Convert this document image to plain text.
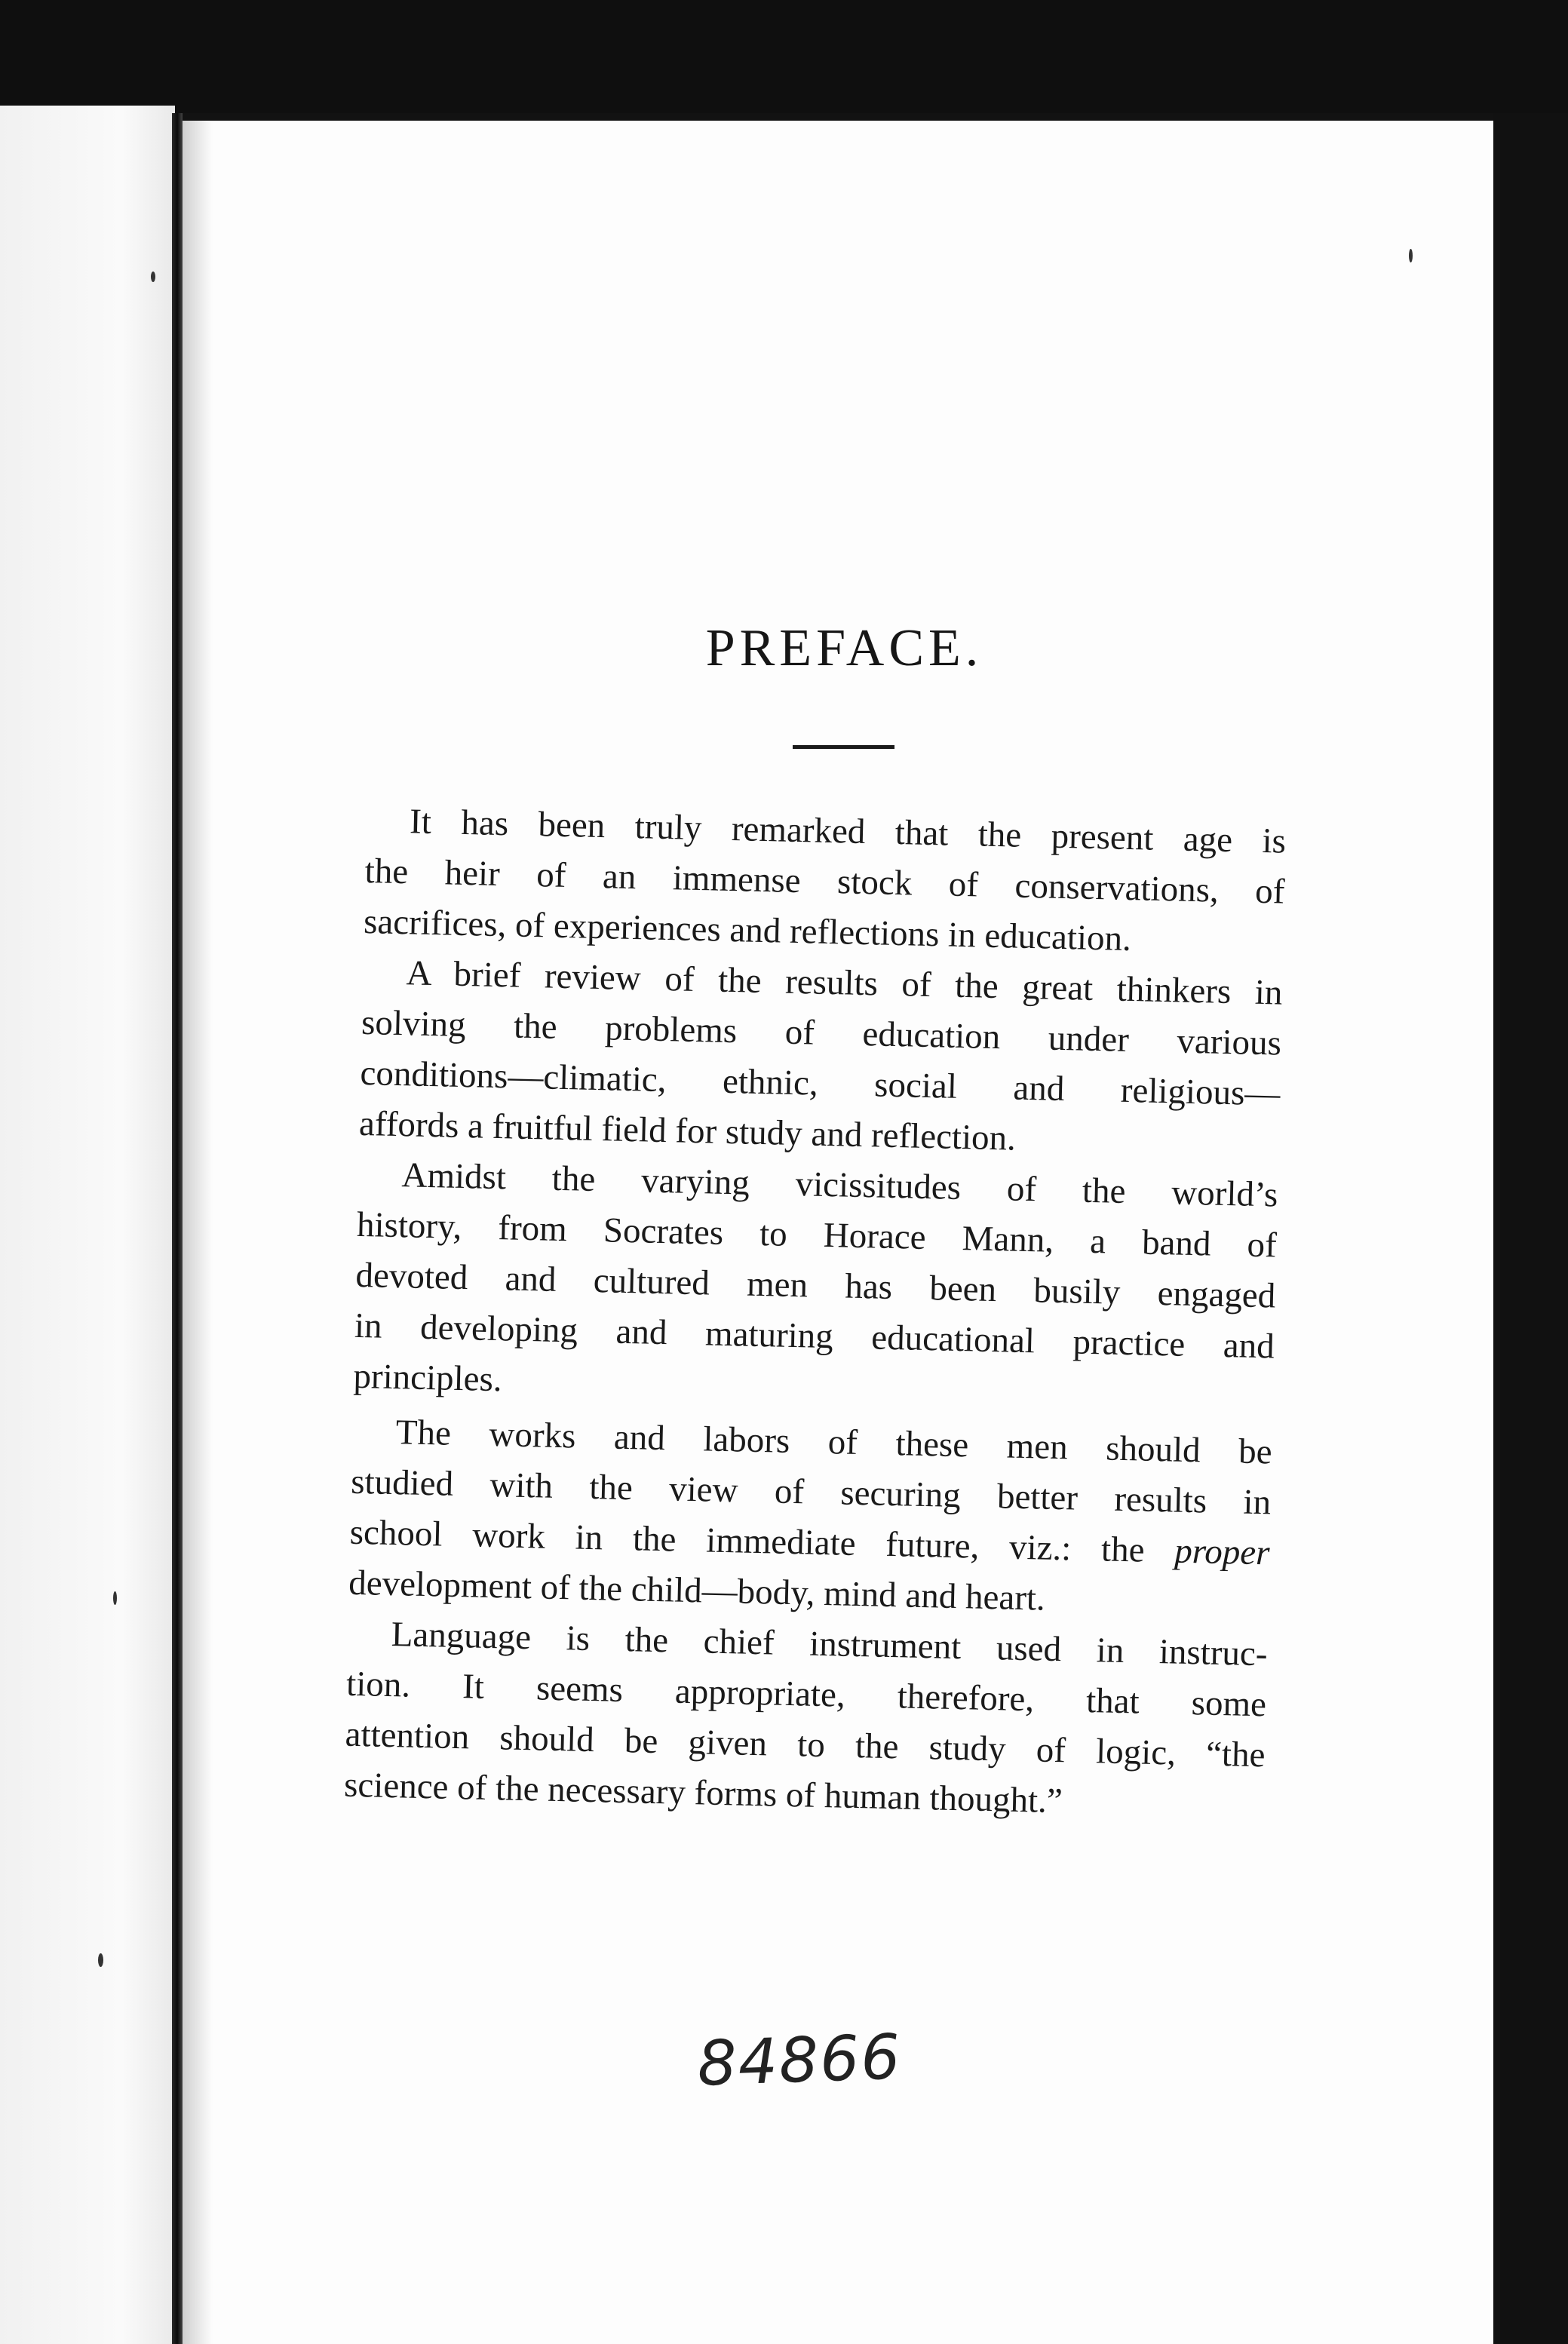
PREFACE.
It has been truly remarked that the present age is
the heir of an immense stock of conservations, of
sacrifices, of experiences and reflections in education.
A brief review of the results of the great thinkers in
solving the problems of education under various
conditions—climatic, ethnic, social and religious—
affords a fruitful field for study and reflection.
Amidst the varying vicissitudes of the world’s
history, from Socrates to Horace Mann, a band of
devoted and cultured men has been busily engaged
in developing and maturing educational practice and
principles.
The works and labors of these men should be
studied with the view of securing better results in
school work in the immediate future, viz.: the proper
development of the child—body, mind and heart.
Language is the chief instrument used in instruc-
tion. It seems appropriate, therefore, that some
attention should be given to the study of logic, “the
science of the necessary forms of human thought.”
84866
